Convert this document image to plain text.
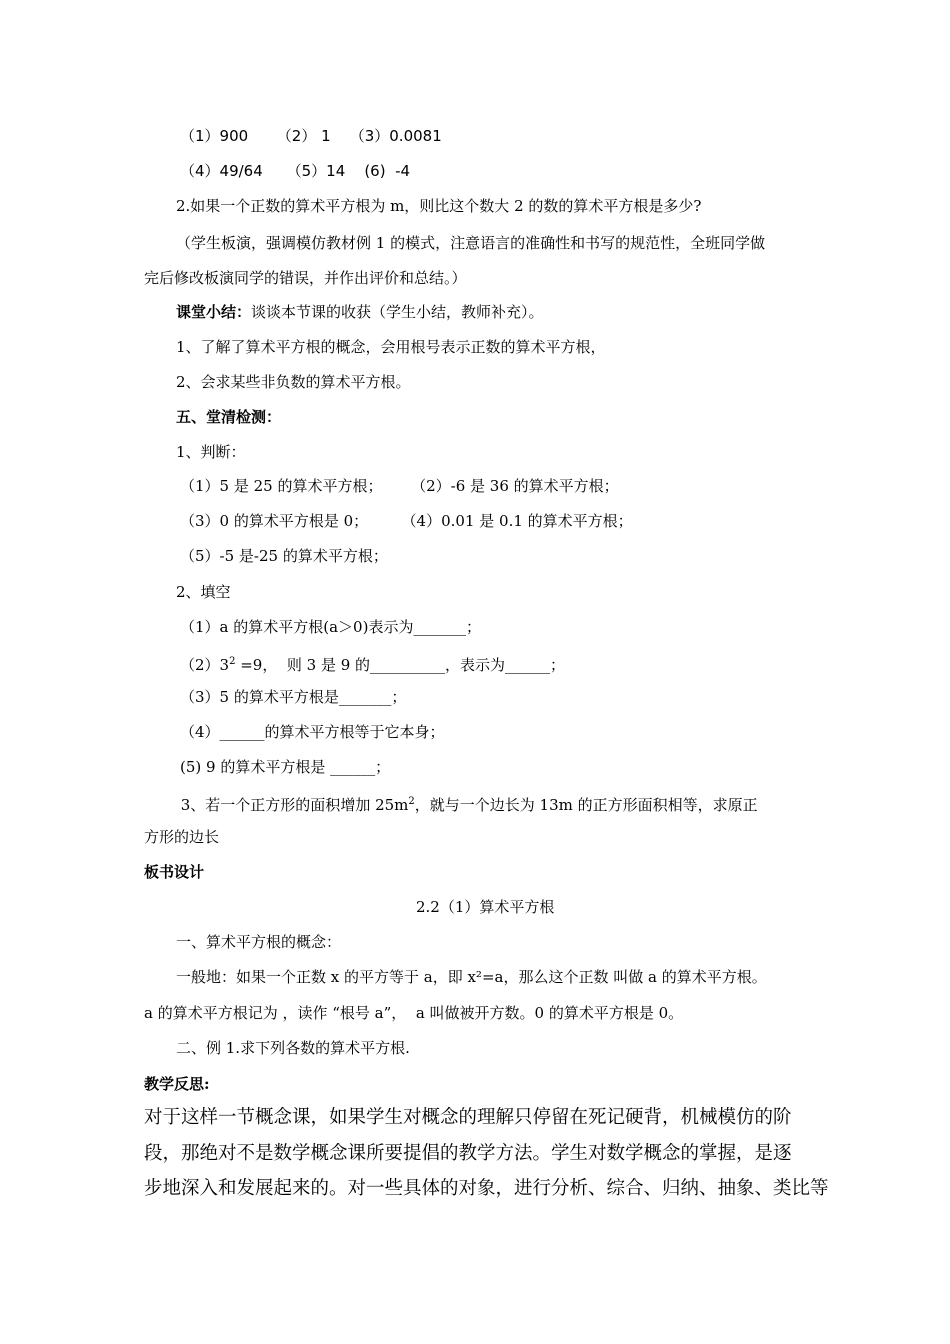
（1）900      （2） 1    （3）0.0081
（4）49/64     （5）14    (6)  -4
2.如果一个正数的算术平方根为 m，则比这个数大 2 的数的算术平方根是多少?
（学生板演，强调模仿教材例 1 的模式，注意语言的准确性和书写的规范性，全班同学做
完后修改板演同学的错误，并作出评价和总结。）
课堂小结：谈谈本节课的收获（学生小结，教师补充）。
1、了解了算术平方根的概念，会用根号表示正数的算术平方根，
2、会求某些非负数的算术平方根。
五、堂清检测：
1、判断：
（1）5 是 25 的算术平方根；      （2）-6 是 36 的算术平方根；
（3）0 的算术平方根是 0；       （4）0.01 是 0.1 的算术平方根；
（5）-5 是-25 的算术平方根；
2、填空
（1）a 的算术平方根(a＞0)表示为_______；
$(2)3^2 =9$，  则 3 是 9 的__________，表示为______；
（3）5 的算术平方根是_______；
（4）______的算术平方根等于它本身；
(5) 9 的算术平方根是 ______；
3、若一个正方形的面积增加 $25m^2$，就与一个边长为 13m 的正方形面积相等，求原正
方形的边长
板书设计
2.2（1）算术平方根
一、算术平方根的概念：
一般地：如果一个正数 x 的平方等于 a，即 x²=a，那么这个正数 叫做 a 的算术平方根。
a 的算术平方根记为 ，读作 “根号 a”，  a 叫做被开方数。0 的算术平方根是 0。
二、例 1.求下列各数的算术平方根.
教学反思:
对于这样一节概念课，如果学生对概念的理解只停留在死记硬背，机械模仿的阶
段，那绝对不是数学概念课所要提倡的教学方法。学生对数学概念的掌握，是逐
步地深入和发展起来的。对一些具体的对象，进行分析、综合、归纳、抽象、类比等
